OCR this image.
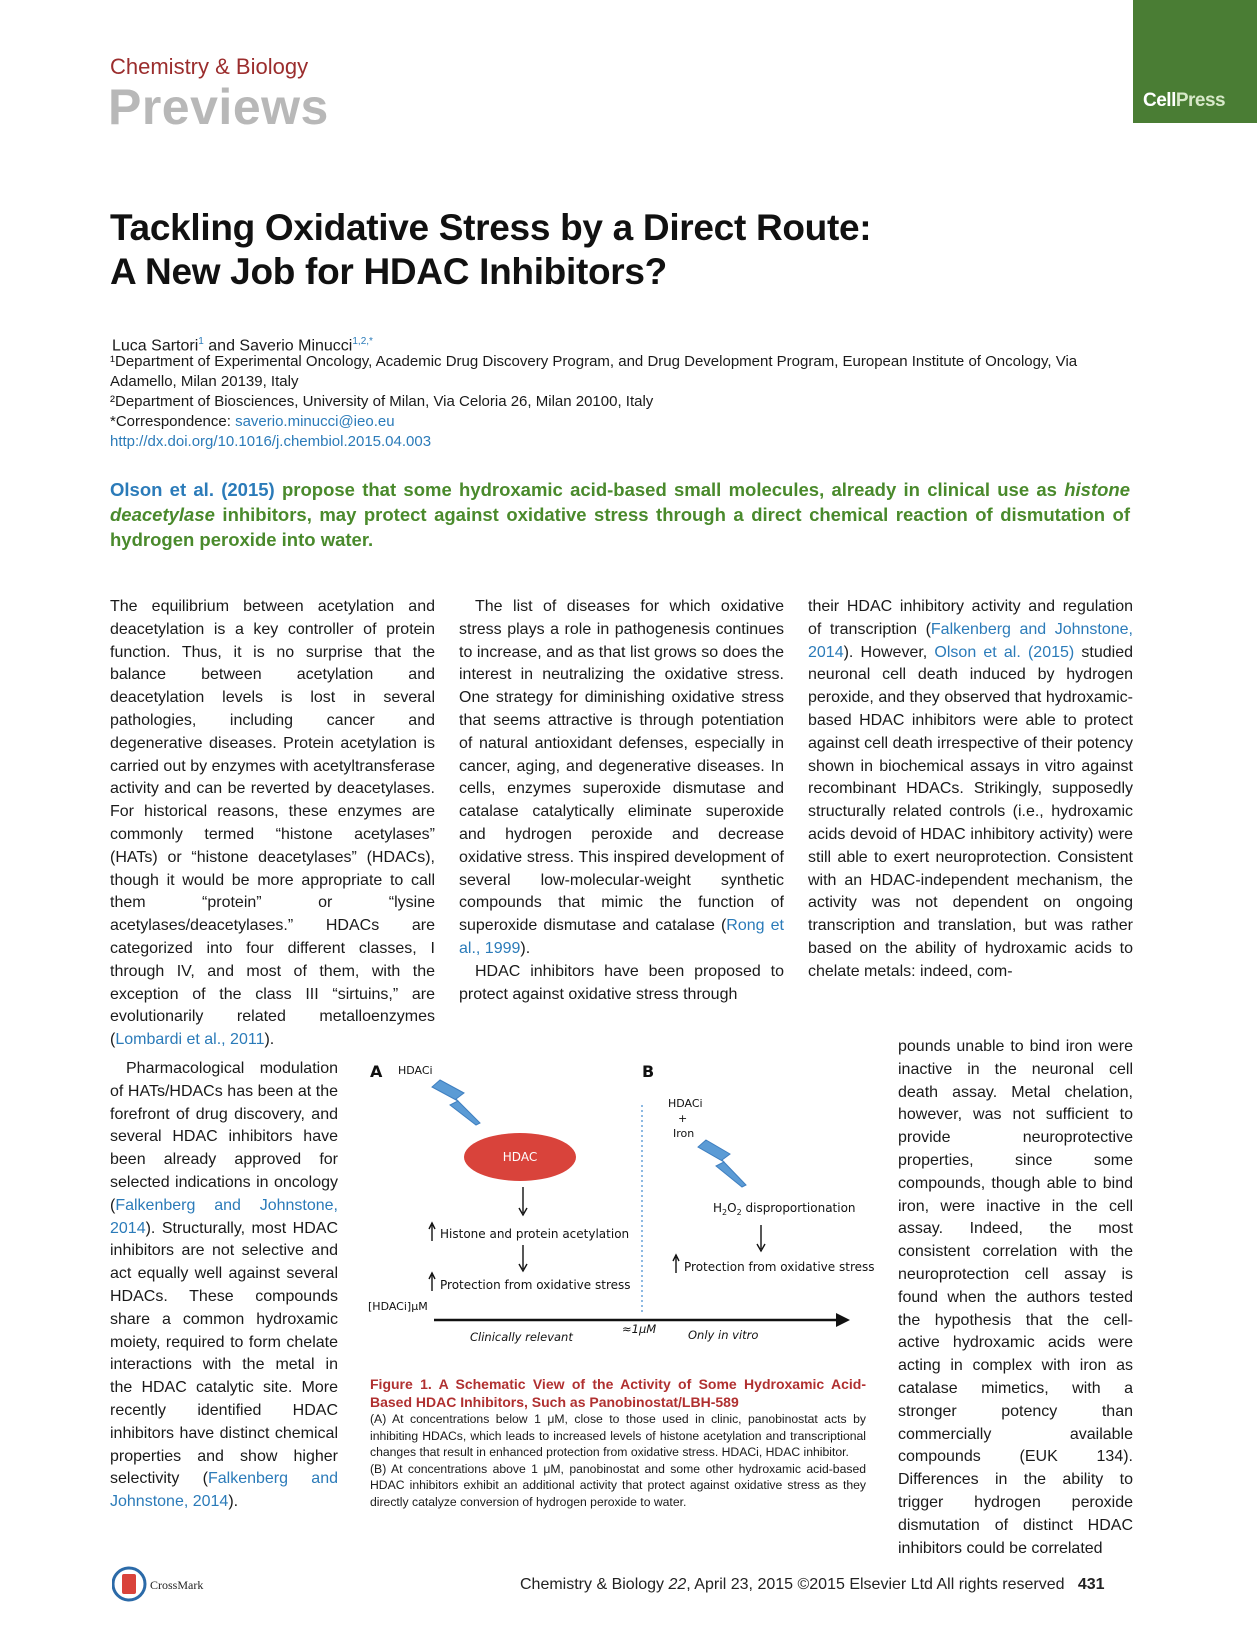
Chemistry & Biology
Previews	CellPress
Tackling Oxidative Stress by a Direct Route:
A New Job for HDAC Inhibitors?
Luca Sartori$^1$ and Saverio Minucci$^{1,2,*}$
¹Department of Experimental Oncology, Academic Drug Discovery Program, and Drug Development Program, European Institute of Oncology, Via Adamello, Milan 20139, Italy
²Department of Biosciences, University of Milan, Via Celoria 26, Milan 20100, Italy
*Correspondence: saverio.minucci@ieo.eu
http://dx.doi.org/10.1016/j.chembiol.2015.04.003
Olson et al. (2015) propose that some hydroxamic acid-based small molecules, already in clinical use as histone deacetylase inhibitors, may protect against oxidative stress through a direct chemical reaction of dismutation of hydrogen peroxide into water.

The equilibrium between acetylation and deacetylation is a key controller of protein function. Thus, it is no surprise that the balance between acetylation and deacetylation levels is lost in several pathologies, including cancer and degenerative diseases. Protein acetylation is carried out by enzymes with acetyltransferase activity and can be reverted by deacetylases. For historical reasons, these enzymes are commonly termed “histone acetylases” (HATs) or “histone deacetylases” (HDACs), though it would be more appropriate to call them “protein” or “lysine acetylases/deacetylases.” HDACs are categorized into four different classes, I through IV, and most of them, with the exception of the class III “sirtuins,” are evolutionarily related metalloenzymes (Lombardi et al., 2011).

Pharmacological modulation of HATs/HDACs has been at the forefront of drug discovery, and several HDAC inhibitors have been already approved for selected indications in oncology (Falkenberg and Johnstone, 2014). Structurally, most HDAC inhibitors are not selective and act equally well against several HDACs. These compounds share a common hydroxamic moiety, required to form chelate interactions with the metal in the HDAC catalytic site. More recently identified HDAC inhibitors have distinct chemical properties and show higher selectivity (Falkenberg and Johnstone, 2014).

The list of diseases for which oxidative stress plays a role in pathogenesis continues to increase, and as that list grows so does the interest in neutralizing the oxidative stress. One strategy for diminishing oxidative stress that seems attractive is through potentiation of natural antioxidant defenses, especially in cancer, aging, and degenerative diseases. In cells, enzymes superoxide dismutase and catalase catalytically eliminate superoxide and hydrogen peroxide and decrease oxidative stress. This inspired development of several low-molecular-weight synthetic compounds that mimic the function of superoxide dismutase and catalase (Rong et al., 1999).

HDAC inhibitors have been proposed to protect against oxidative stress through

their HDAC inhibitory activity and regulation of transcription (Falkenberg and Johnstone, 2014). However, Olson et al. (2015) studied neuronal cell death induced by hydrogen peroxide, and they observed that hydroxamic-based HDAC inhibitors were able to protect against cell death irrespective of their potency shown in biochemical assays in vitro against recombinant HDACs. Strikingly, supposedly structurally related controls (i.e., hydroxamic acids devoid of HDAC inhibitory activity) were still able to exert neuroprotection. Consistent with an HDAC-independent mechanism, the activity was not dependent on ongoing transcription and translation, but was rather based on the ability of hydroxamic acids to chelate metals: indeed, com-

pounds unable to bind iron were inactive in the neuronal cell death assay. Metal chelation, however, was not sufficient to provide neuroprotective properties, since some compounds, though able to bind iron, were inactive in the cell assay. Indeed, the most consistent correlation with the neuroprotection cell assay is found when the authors tested the hypothesis that the cell-active hydroxamic acids were acting in complex with iron as catalase mimetics, with a stronger potency than commercially available compounds (EUK 134). Differences in the ability to trigger hydrogen peroxide dismutation of distinct HDAC inhibitors could be correlated

A HDACi
HDAC
Histone and protein acetylation
Protection from oxidative stress
B
HDACi
+
Iron
$H_2O_2$ disproportionation
Protection from oxidative stress
[HDACi]μM
Clinically relevant
≈1μM	Only in vitro
Figure 1. A Schematic View of the Activity of Some Hydroxamic Acid-Based HDAC Inhibitors, Such as Panobinostat/LBH-589
(A) At concentrations below 1 μM, close to those used in clinic, panobinostat acts by inhibiting HDACs, which leads to increased levels of histone acetylation and transcriptional changes that result in enhanced protection from oxidative stress. HDACi, HDAC inhibitor.
(B) At concentrations above 1 μM, panobinostat and some other hydroxamic acid-based HDAC inhibitors exhibit an additional activity that protect against oxidative stress as they directly catalyze conversion of hydrogen peroxide to water.
CrossMark	Chemistry & Biology 22, April 23, 2015 ©2015 Elsevier Ltd All rights reserved 431
